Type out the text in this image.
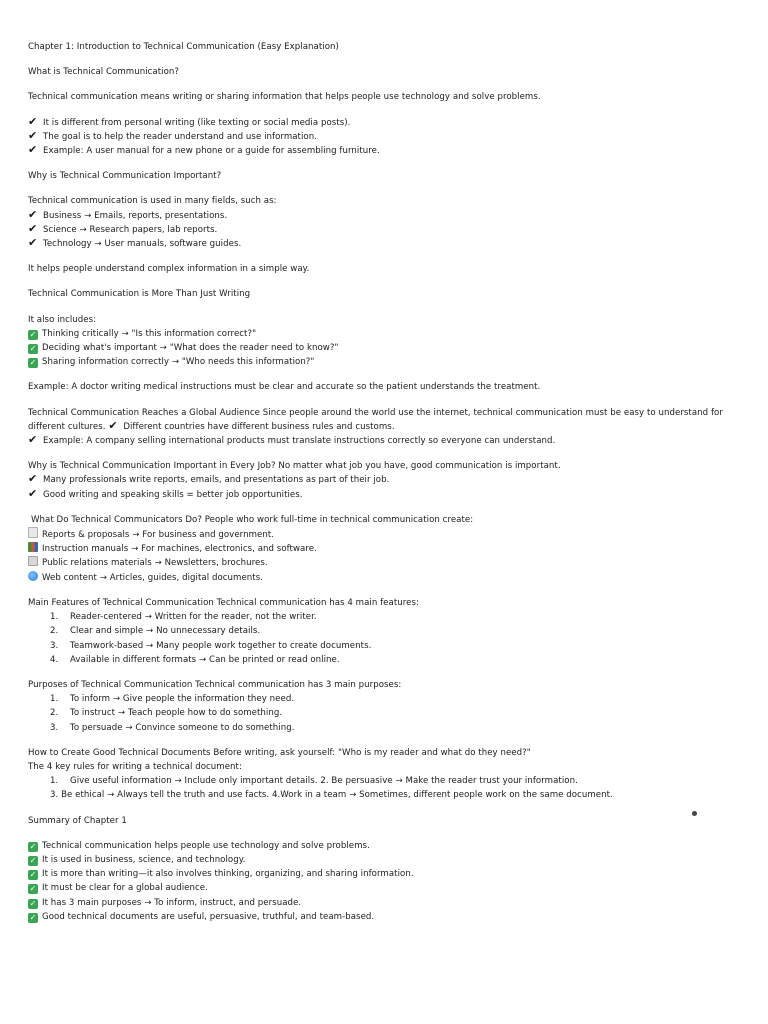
Chapter 1: Introduction to Technical Communication (Easy Explanation)
What is Technical Communication?
Technical communication means writing or sharing information that helps people use technology and solve problems.
✔ It is different from personal writing (like texting or social media posts).
✔ The goal is to help the reader understand and use information.
✔ Example: A user manual for a new phone or a guide for assembling furniture.
Why is Technical Communication Important?
Technical communication is used in many fields, such as:
✔ Business → Emails, reports, presentations.
✔ Science → Research papers, lab reports.
✔ Technology → User manuals, software guides.
It helps people understand complex information in a simple way.
Technical Communication is More Than Just Writing
It also includes:
✓ Thinking critically → "Is this information correct?"
✓ Deciding what's important → "What does the reader need to know?"
✓ Sharing information correctly → "Who needs this information?"
Example: A doctor writing medical instructions must be clear and accurate so the patient understands the treatment.
Technical Communication Reaches a Global Audience Since people around the world use the internet, technical communication must be easy to understand for different cultures. ✔ Different countries have different business rules and customs.
✔ Example: A company selling international products must translate instructions correctly so everyone can understand.
Why is Technical Communication Important in Every Job? No matter what job you have, good communication is important.
✔ Many professionals write reports, emails, and presentations as part of their job.
✔ Good writing and speaking skills = better job opportunities.
What Do Technical Communicators Do? People who work full-time in technical communication create:
Reports & proposals → For business and government.
Instruction manuals → For machines, electronics, and software.
Public relations materials → Newsletters, brochures.
Web content → Articles, guides, digital documents.
Main Features of Technical Communication Technical communication has 4 main features:
1. Reader-centered → Written for the reader, not the writer.
2. Clear and simple → No unnecessary details.
3. Teamwork-based → Many people work together to create documents.
4. Available in different formats → Can be printed or read online.
Purposes of Technical Communication Technical communication has 3 main purposes:
1. To inform → Give people the information they need.
2. To instruct → Teach people how to do something.
3. To persuade → Convince someone to do something.
How to Create Good Technical Documents Before writing, ask yourself: "Who is my reader and what do they need?"
The 4 key rules for writing a technical document:
1. Give useful information → Include only important details. 2. Be persuasive → Make the reader trust your information.
3. Be ethical → Always tell the truth and use facts. 4.Work in a team → Sometimes, different people work on the same document.
Summary of Chapter 1
✓ Technical communication helps people use technology and solve problems.
✓ It is used in business, science, and technology.
✓ It is more than writing—it also involves thinking, organizing, and sharing information.
✓ It must be clear for a global audience.
✓ It has 3 main purposes → To inform, instruct, and persuade.
✓ Good technical documents are useful, persuasive, truthful, and team-based.
